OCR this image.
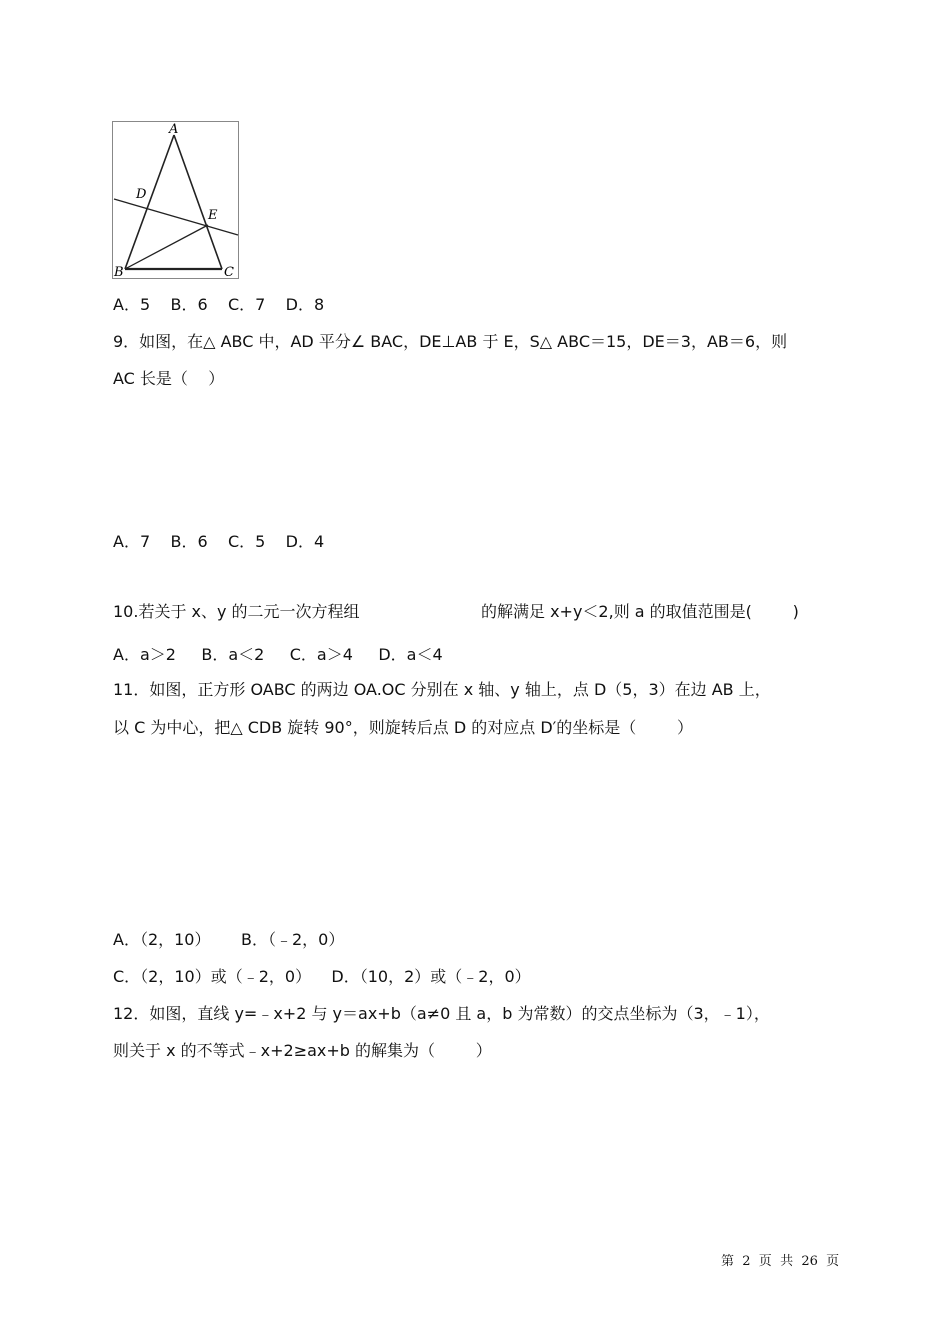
A
D
E
B	C
A．5    B．6    C．7    D．8
9．如图，在△ ABC 中，AD 平分∠ BAC，DE⊥AB 于 E，S△ ABC＝15，DE＝3，AB＝6，则
AC 长是（    ）
A．7    B．6    C．5    D．4
10.若关于 x、y 的二元一次方程组	的解满足 x+y＜2,则 a 的取值范围是(        )
A．a＞2     B．a＜2     C．a＞4     D．a＜4
11．如图，正方形 OABC 的两边 OA.OC 分别在 x 轴、y 轴上，点 D（5，3）在边 AB 上，
以 C 为中心，把△ CDB 旋转 90°，则旋转后点 D 的对应点 D′的坐标是（        ）
A．（2，10）      B．（﹣2，0）
C．（2，10）或（﹣2，0）    D．（10，2）或（﹣2，0）
12．如图，直线 y=﹣x+2 与 y＝ax+b（a≠0 且 a，b 为常数）的交点坐标为（3，﹣1），
则关于 x 的不等式﹣x+2≥ax+b 的解集为（        ）
第  2  页  共  26  页
